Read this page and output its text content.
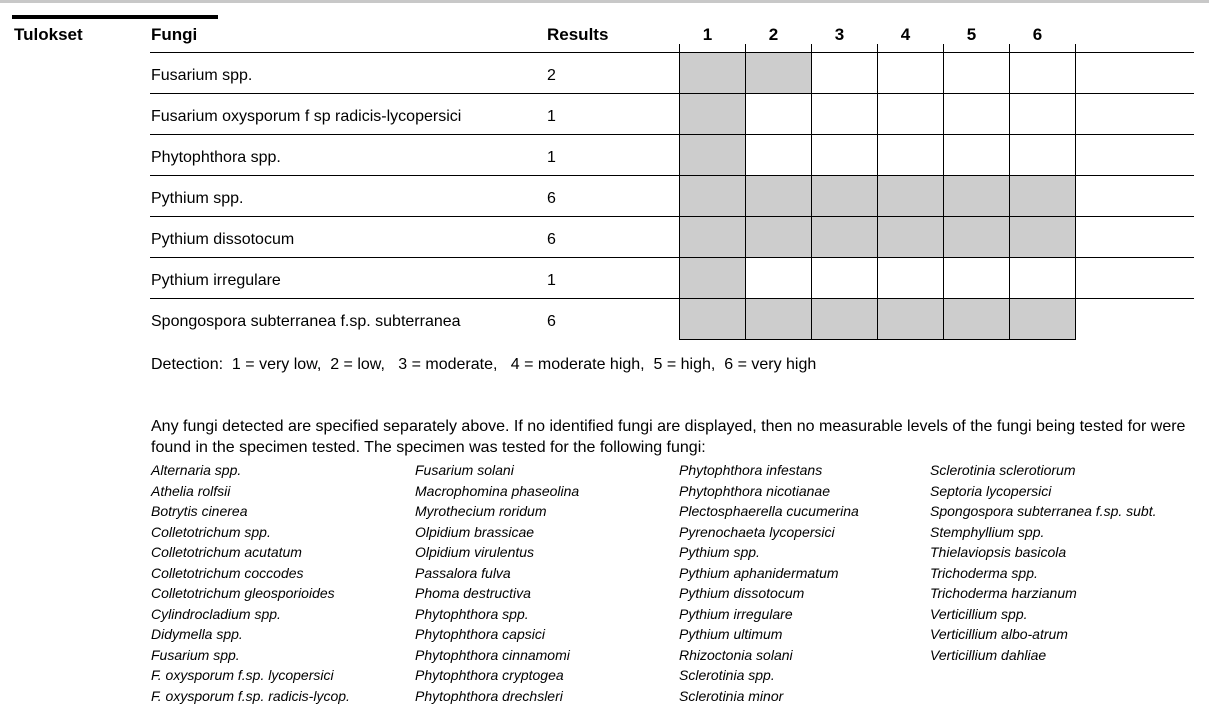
Tulokset	Fungi	Results	1	2	3	4	5	6
Fusarium spp.	2
Fusarium oxysporum f sp radicis-lycopersici	1
Phytophthora spp.	1
Pythium spp.	6
Pythium dissotocum	6
Pythium irregulare	1
Spongospora subterranea f.sp. subterranea	6
Detection:  1 = very low,  2 = low,   3 = moderate,   4 = moderate high,  5 = high,  6 = very high
Any fungi detected are specified separately above. If no identified fungi are displayed, then no measurable levels of the fungi being tested for were found in the specimen tested. The specimen was tested for the following fungi:
Alternaria spp.
Athelia rolfsii
Botrytis cinerea
Colletotrichum spp.
Colletotrichum acutatum
Colletotrichum coccodes
Colletotrichum gleosporioides
Cylindrocladium spp.
Didymella spp.
Fusarium spp.
F. oxysporum f.sp. lycopersici
F. oxysporum f.sp. radicis-lycop.
Fusarium solani
Macrophomina phaseolina
Myrothecium roridum
Olpidium brassicae
Olpidium virulentus
Passalora fulva
Phoma destructiva
Phytophthora spp.
Phytophthora capsici
Phytophthora cinnamomi
Phytophthora cryptogea
Phytophthora drechsleri
Phytophthora infestans
Phytophthora nicotianae
Plectosphaerella cucumerina
Pyrenochaeta lycopersici
Pythium spp.
Pythium aphanidermatum
Pythium dissotocum
Pythium irregulare
Pythium ultimum
Rhizoctonia solani
Sclerotinia spp.
Sclerotinia minor
Sclerotinia sclerotiorum
Septoria lycopersici
Spongospora subterranea f.sp. subt.
Stemphyllium spp.
Thielaviopsis basicola
Trichoderma spp.
Trichoderma harzianum
Verticillium spp.
Verticillium albo-atrum
Verticillium dahliae
